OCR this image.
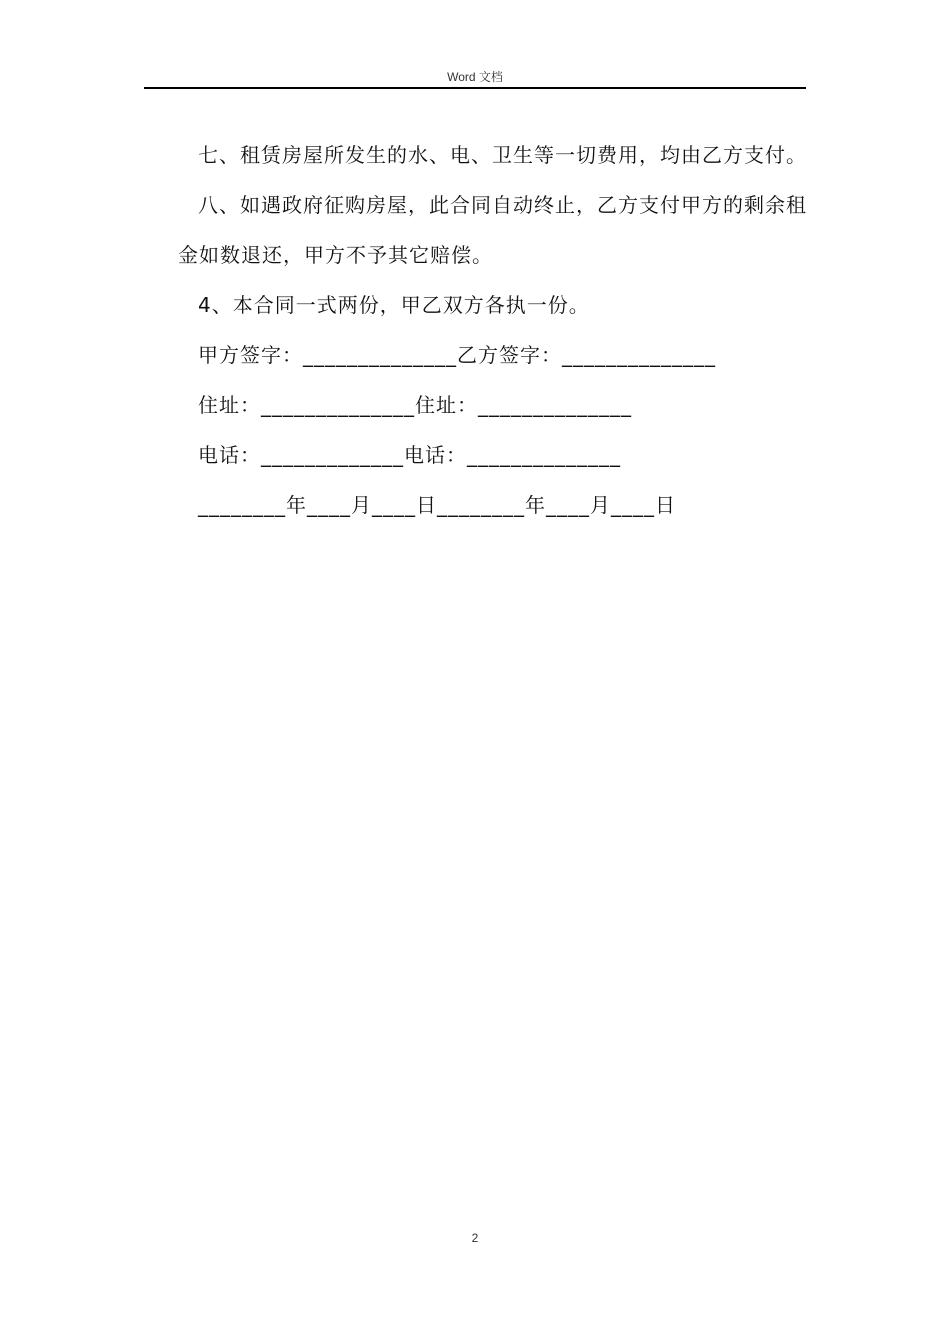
Word 文档

七、租赁房屋所发生的水、电、卫生等一切费用，均由乙方支付。

八、如遇政府征购房屋，此合同自动终止，乙方支付甲方的剩余租金如数退还，甲方不予其它赔偿。

4、本合同一式两份，甲乙双方各执一份。

甲方签字：______________乙方签字：______________

住址：______________住址：______________

电话：_____________电话：______________

________年____月____日________年____月____日

2
